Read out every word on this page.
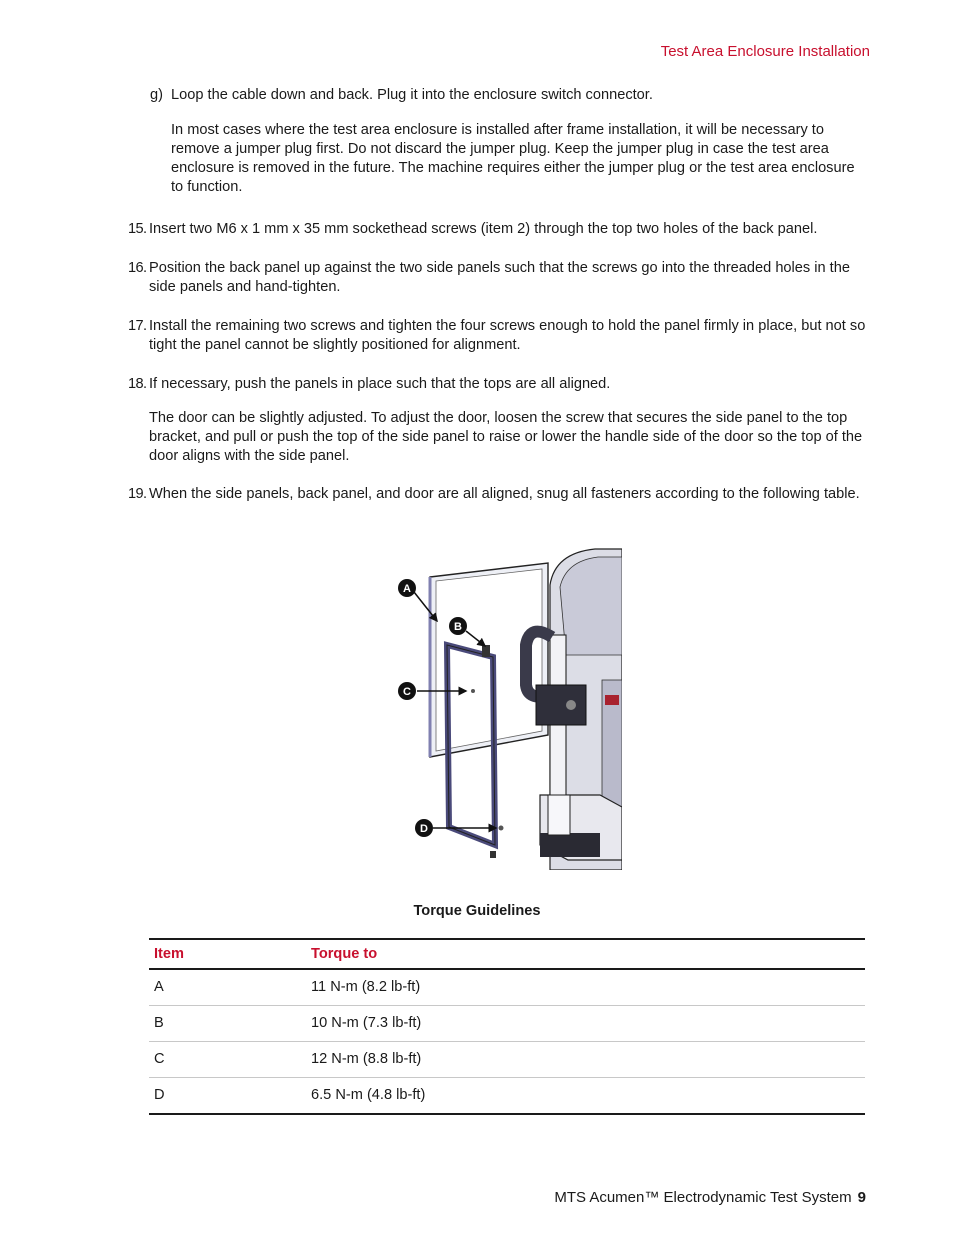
Test Area Enclosure Installation
g) Loop the cable down and back. Plug it into the enclosure switch connector.
In most cases where the test area enclosure is installed after frame installation, it will be necessary to remove a jumper plug first. Do not discard the jumper plug. Keep the jumper plug in case the test area enclosure is removed in the future. The machine requires either the jumper plug or the test area enclosure to function.
15. Insert two M6 x 1 mm x 35 mm sockethead screws (item 2) through the top two holes of the back panel.
16. Position the back panel up against the two side panels such that the screws go into the threaded holes in the side panels and hand-tighten.
17. Install the remaining two screws and tighten the four screws enough to hold the panel firmly in place, but not so tight the panel cannot be slightly positioned for alignment.
18. If necessary, push the panels in place such that the tops are all aligned.
The door can be slightly adjusted. To adjust the door, loosen the screw that secures the side panel to the top bracket, and pull or push the top of the side panel to raise or lower the handle side of the door so the top of the door aligns with the side panel.
19. When the side panels, back panel, and door are all aligned, snug all fasteners according to the following table.
A
B
C
D
Torque Guidelines
Item	Torque to
A	11 N-m (8.2 lb-ft)
B	10 N-m (7.3 lb-ft)
C	12 N-m (8.8 lb-ft)
D	6.5 N-m (4.8 lb-ft)
MTS Acumen™ Electrodynamic Test System 9
